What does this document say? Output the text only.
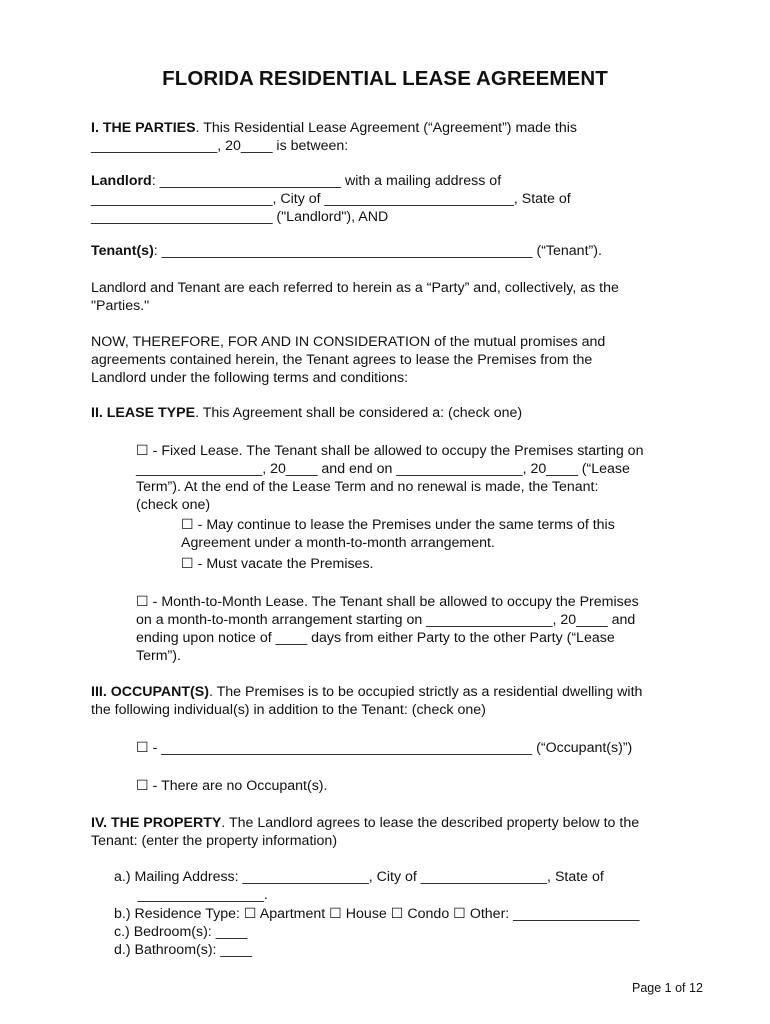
FLORIDA RESIDENTIAL LEASE AGREEMENT

I. THE PARTIES. This Residential Lease Agreement (“Agreement”) made this
________________, 20____ is between:

Landlord: _______________________ with a mailing address of
_______________________, City of ________________________, State of
_______________________ ("Landlord"), AND

Tenant(s): _______________________________________________ (“Tenant”).

Landlord and Tenant are each referred to herein as a “Party” and, collectively, as the
"Parties."

NOW, THEREFORE, FOR AND IN CONSIDERATION of the mutual promises and
agreements contained herein, the Tenant agrees to lease the Premises from the
Landlord under the following terms and conditions:

II. LEASE TYPE. This Agreement shall be considered a: (check one)

☐ - Fixed Lease. The Tenant shall be allowed to occupy the Premises starting on
________________, 20____ and end on ________________, 20____ (“Lease
Term”). At the end of the Lease Term and no renewal is made, the Tenant:
(check one)

☐ - May continue to lease the Premises under the same terms of this
Agreement under a month-to-month arrangement.

☐ - Must vacate the Premises.

☐ - Month-to-Month Lease. The Tenant shall be allowed to occupy the Premises
on a month-to-month arrangement starting on ________________, 20____ and
ending upon notice of ____ days from either Party to the other Party (“Lease
Term”).

III. OCCUPANT(S). The Premises is to be occupied strictly as a residential dwelling with
the following individual(s) in addition to the Tenant: (check one)

☐ - _______________________________________________ (“Occupant(s)”)

☐ - There are no Occupant(s).

IV. THE PROPERTY. The Landlord agrees to lease the described property below to the
Tenant: (enter the property information)

a.) Mailing Address: ________________, City of ________________, State of
________________.

b.) Residence Type: ☐ Apartment ☐ House ☐ Condo ☐ Other: ________________
c.) Bedroom(s): ____
d.) Bathroom(s): ____

Page 1 of 12
